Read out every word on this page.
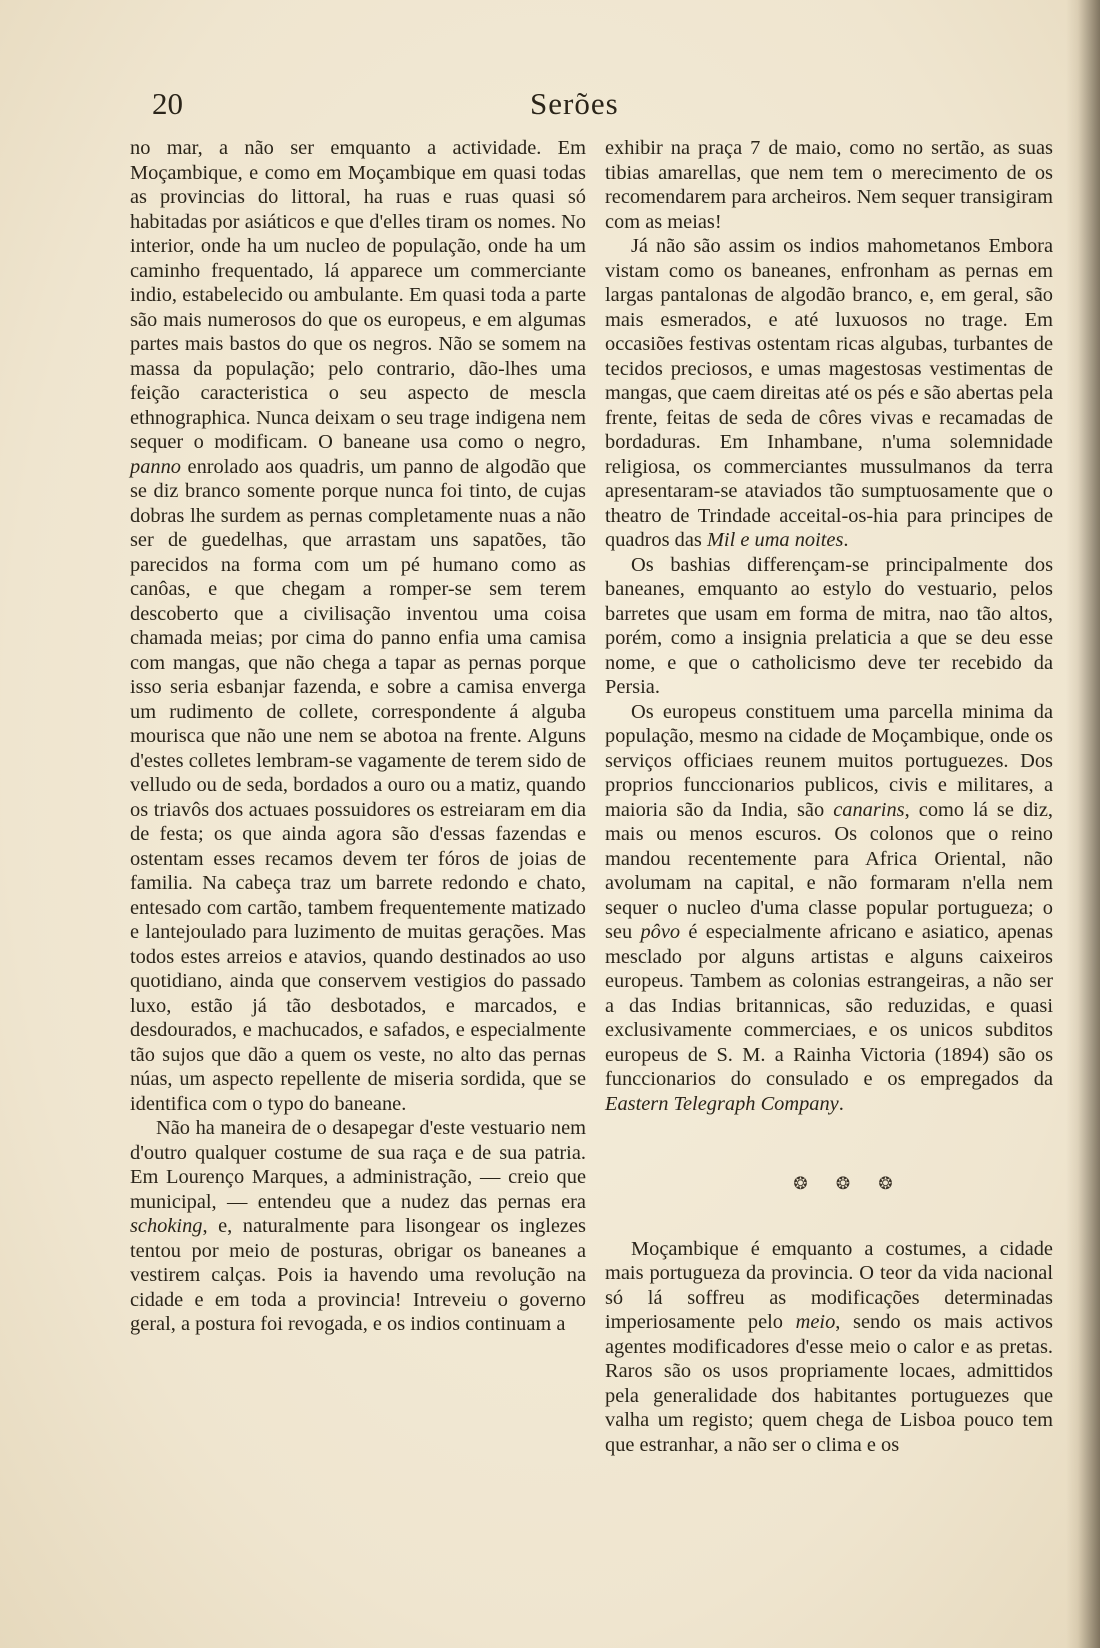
20	Serões

no mar, a não ser emquanto a actividade. Em Moçambique, e como em Moçambique em quasi todas as provincias do littoral, ha ruas e ruas quasi só habitadas por asiáticos e que d'elles tiram os nomes. No interior, onde ha um nucleo de população, onde ha um caminho frequentado, lá apparece um commerciante indio, estabelecido ou ambulante. Em quasi toda a parte são mais numerosos do que os europeus, e em algumas partes mais bastos do que os negros. Não se somem na massa da população; pelo contrario, dão-lhes uma feição caracteristica o seu aspecto de mescla ethnographica. Nunca deixam o seu trage indigena nem sequer o modificam. O baneane usa como o negro, panno enrolado aos quadris, um panno de algodão que se diz branco somente porque nunca foi tinto, de cujas dobras lhe surdem as pernas completamente nuas a não ser de guedelhas, que arrastam uns sapatões, tão parecidos na forma com um pé humano como as canôas, e que chegam a romper-se sem terem descoberto que a civilisação inventou uma coisa chamada meias; por cima do panno enfia uma camisa com mangas, que não chega a tapar as pernas porque isso seria esbanjar fazenda, e sobre a camisa enverga um rudimento de collete, correspondente á alguba mourisca que não une nem se abotoa na frente. Alguns d'estes colletes lembram-se vagamente de terem sido de velludo ou de seda, bordados a ouro ou a matiz, quando os triavôs dos actuaes possuidores os estreiaram em dia de festa; os que ainda agora são d'essas fazendas e ostentam esses recamos devem ter fóros de joias de familia. Na cabeça traz um barrete redondo e chato, entesado com cartão, tambem frequentemente matizado e lantejoulado para luzimento de muitas gerações. Mas todos estes arreios e atavios, quando destinados ao uso quotidiano, ainda que conservem vestigios do passado luxo, estão já tão desbotados, e marcados, e desdourados, e machucados, e safados, e especialmente tão sujos que dão a quem os veste, no alto das pernas núas, um aspecto repellente de miseria sordida, que se identifica com o typo do baneane.

Não ha maneira de o desapegar d'este vestuario nem d'outro qualquer costume de sua raça e de sua patria. Em Lourenço Marques, a administração, — creio que municipal, — entendeu que a nudez das pernas era schoking, e, naturalmente para lisongear os inglezes tentou por meio de posturas, obrigar os baneanes a vestirem calças. Pois ia havendo uma revolução na cidade e em toda a provincia! Intreveiu o governo geral, a postura foi revogada, e os indios continuam a

exhibir na praça 7 de maio, como no sertão, as suas tibias amarellas, que nem tem o merecimento de os recomendarem para archeiros. Nem sequer transigiram com as meias!

Já não são assim os indios mahometanos Embora vistam como os baneanes, enfronham as pernas em largas pantalonas de algodão branco, e, em geral, são mais esmerados, e até luxuosos no trage. Em occasiões festivas ostentam ricas algubas, turbantes de tecidos preciosos, e umas magestosas vestimentas de mangas, que caem direitas até os pés e são abertas pela frente, feitas de seda de côres vivas e recamadas de bordaduras. Em Inhambane, n'uma solemnidade religiosa, os commerciantes mussulmanos da terra apresentaram-se ataviados tão sumptuosamente que o theatro de Trindade acceital-os-hia para principes de quadros das Mil e uma noites.

Os bashias differençam-se principalmente dos baneanes, emquanto ao estylo do vestuario, pelos barretes que usam em forma de mitra, nao tão altos, porém, como a insignia prelaticia a que se deu esse nome, e que o catholicismo deve ter recebido da Persia.

Os europeus constituem uma parcella minima da população, mesmo na cidade de Moçambique, onde os serviços officiaes reunem muitos portuguezes. Dos proprios funccionarios publicos, civis e militares, a maioria são da India, são canarins, como lá se diz, mais ou menos escuros. Os colonos que o reino mandou recentemente para Africa Oriental, não avolumam na capital, e não formaram n'ella nem sequer o nucleo d'uma classe popular portugueza; o seu pôvo é especialmente africano e asiatico, apenas mesclado por alguns artistas e alguns caixeiros europeus. Tambem as colonias estrangeiras, a não ser a das Indias britannicas, são reduzidas, e quasi exclusivamente commerciaes, e os unicos subditos europeus de S. M. a Rainha Victoria (1894) são os funccionarios do consulado e os empregados da Eastern Telegraph Company.

❂ ❂ ❂

Moçambique é emquanto a costumes, a cidade mais portugueza da provincia. O teor da vida nacional só lá soffreu as modificações determinadas imperiosamente pelo meio, sendo os mais activos agentes modificadores d'esse meio o calor e as pretas. Raros são os usos propriamente locaes, admittidos pela generalidade dos habitantes portuguezes que valha um registo; quem chega de Lisboa pouco tem que estranhar, a não ser o clima e os
